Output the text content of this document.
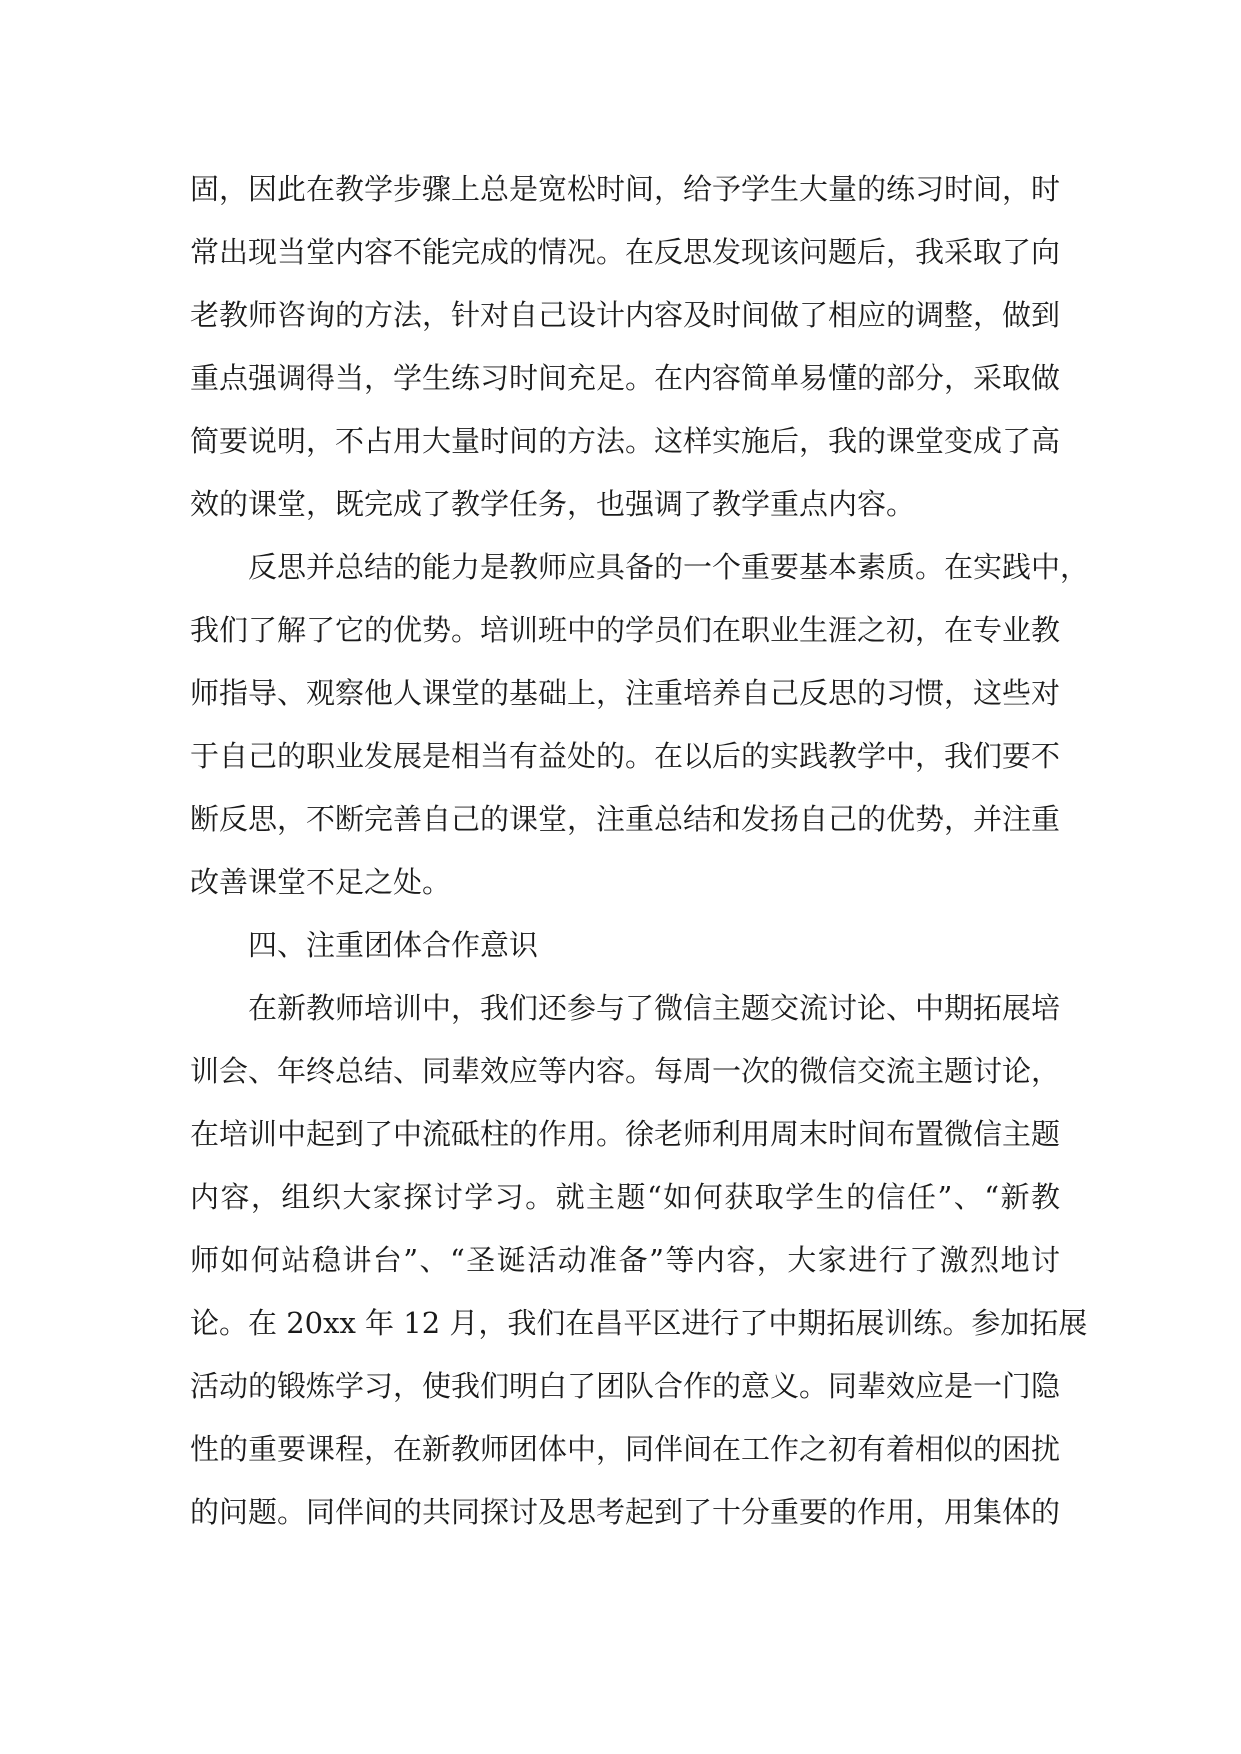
固，因此在教学步骤上总是宽松时间，给予学生大量的练习时间，时
常出现当堂内容不能完成的情况。在反思发现该问题后，我采取了向
老教师咨询的方法，针对自己设计内容及时间做了相应的调整，做到
重点强调得当，学生练习时间充足。在内容简单易懂的部分，采取做
简要说明，不占用大量时间的方法。这样实施后，我的课堂变成了高
效的课堂，既完成了教学任务，也强调了教学重点内容。
反思并总结的能力是教师应具备的一个重要基本素质。在实践中，
我们了解了它的优势。培训班中的学员们在职业生涯之初，在专业教
师指导、观察他人课堂的基础上，注重培养自己反思的习惯，这些对
于自己的职业发展是相当有益处的。在以后的实践教学中，我们要不
断反思，不断完善自己的课堂，注重总结和发扬自己的优势，并注重
改善课堂不足之处。
四、注重团体合作意识
在新教师培训中，我们还参与了微信主题交流讨论、中期拓展培
训会、年终总结、同辈效应等内容。每周一次的微信交流主题讨论，
在培训中起到了中流砥柱的作用。徐老师利用周末时间布置微信主题
内容，组织大家探讨学习。就主题“如何获取学生的信任”、“新教
师如何站稳讲台”、“圣诞活动准备”等内容，大家进行了激烈地讨
论。在 20xx 年 12 月，我们在昌平区进行了中期拓展训练。参加拓展
活动的锻炼学习，使我们明白了团队合作的意义。同辈效应是一门隐
性的重要课程，在新教师团体中，同伴间在工作之初有着相似的困扰
的问题。同伴间的共同探讨及思考起到了十分重要的作用，用集体的
